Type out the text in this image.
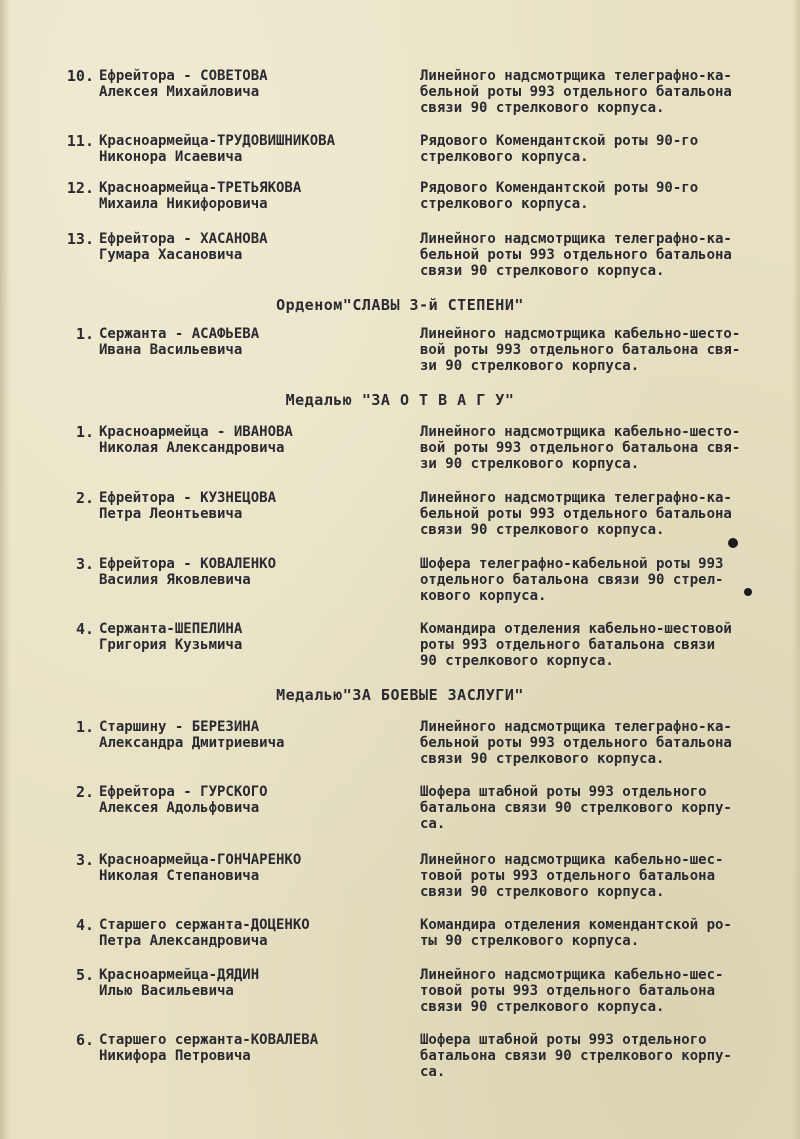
10. Ефрейтора - СОВЕТОВА
Алексея Михайловича
Линейного надсмотрщика телеграфно-ка-
бельной роты 993 отдельного батальона
связи 90 стрелкового корпуса.
11. Красноармейца-ТРУДОВИШНИКОВА
Никонора Исаевича
Рядового Комендантской роты 90-го
стрелкового корпуса.
12. Красноармейца-ТРЕТЬЯКОВА
Михаила Никифоровича
Рядового Комендантской роты 90-го
стрелкового корпуса.
13. Ефрейтора - ХАСАНОВА
Гумара Хасановича
Линейного надсмотрщика телеграфно-ка-
бельной роты 993 отдельного батальона
связи 90 стрелкового корпуса.
Орденом"СЛАВЫ 3-й СТЕПЕНИ"
1. Сержанта - АСАФЬЕВА
Ивана Васильевича
Линейного надсмотрщика кабельно-шесто-
вой роты 993 отдельного батальона свя-
зи 90 стрелкового корпуса.
Медалью "ЗА О Т В А Г У"
1. Красноармейца - ИВАНОВА
Николая Александровича
Линейного надсмотрщика кабельно-шесто-
вой роты 993 отдельного батальона свя-
зи 90 стрелкового корпуса.
2. Ефрейтора - КУЗНЕЦОВА
Петра Леонтьевича
Линейного надсмотрщика телеграфно-ка-
бельной роты 993 отдельного батальона
связи 90 стрелкового корпуса.
3. Ефрейтора - КОВАЛЕНКО
Василия Яковлевича
Шофера телеграфно-кабельной роты 993
отдельного батальона связи 90 стрел-
кового корпуса.
4. Сержанта-ШЕПЕЛИНА
Григория Кузьмича
Командира отделения кабельно-шестовой
роты 993 отдельного батальона связи
90 стрелкового корпуса.
Медалью"ЗА БОЕВЫЕ ЗАСЛУГИ"
1. Старшину - БЕРЕЗИНА
Александра Дмитриевича
Линейного надсмотрщика телеграфно-ка-
бельной роты 993 отдельного батальона
связи 90 стрелкового корпуса.
2. Ефрейтора - ГУРСКОГО
Алексея Адольфовича
Шофера штабной роты 993 отдельного
батальона связи 90 стрелкового корпу-
са.
3. Красноармейца-ГОНЧАРЕНКО
Николая Степановича
Линейного надсмотрщика кабельно-шес-
товой роты 993 отдельного батальона
связи 90 стрелкового корпуса.
4. Старшего сержанта-ДОЦЕНКО
Петра Александровича
Командира отделения комендантской ро-
ты 90 стрелкового корпуса.
5. Красноармейца-ДЯДИН
Илью Васильевича
Линейного надсмотрщика кабельно-шес-
товой роты 993 отдельного батальона
связи 90 стрелкового корпуса.
6. Старшего сержанта-КОВАЛЕВА
Никифора Петровича
Шофера штабной роты 993 отдельного
батальона связи 90 стрелкового корпу-
са.
